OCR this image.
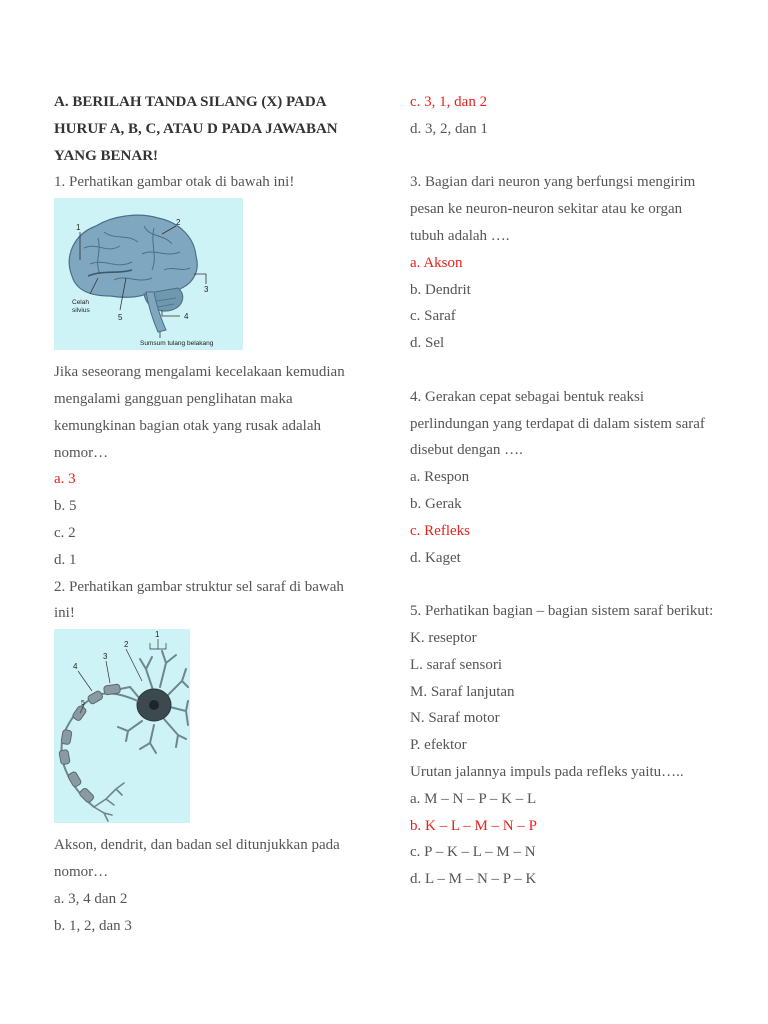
A. BERILAH TANDA SILANG (X) PADA

HURUF A, B, C, ATAU D PADA JAWABAN

YANG BENAR!

1. Perhatikan gambar otak di bawah ini!

1
2
3
4
5
Celah
silvius
Sumsum tulang belakang

Jika seseorang mengalami kecelakaan kemudian

mengalami gangguan penglihatan maka

kemungkinan bagian otak yang rusak adalah

nomor…

a. 3

b. 5

c. 2

d. 1

2. Perhatikan gambar struktur sel saraf di bawah

ini!

1
2
3
4
5

Akson, dendrit, dan badan sel ditunjukkan pada

nomor…

a. 3, 4 dan 2

b. 1, 2, dan 3

c. 3, 1, dan 2

d. 3, 2, dan 1

3. Bagian dari neuron yang berfungsi mengirim

pesan ke neuron-neuron sekitar atau ke organ

tubuh adalah ….

a. Akson

b. Dendrit

c. Saraf

d. Sel

4. Gerakan cepat sebagai bentuk reaksi

perlindungan yang terdapat di dalam sistem saraf

disebut dengan ….

a. Respon

b. Gerak

c. Refleks

d. Kaget

5. Perhatikan bagian – bagian sistem saraf berikut:

K. reseptor

L. saraf sensori

M. Saraf lanjutan

N. Saraf motor

P. efektor

Urutan jalannya impuls pada refleks yaitu…..

a. M – N – P – K – L

b. K – L – M – N – P

c. P – K – L – M – N

d. L – M – N – P – K
